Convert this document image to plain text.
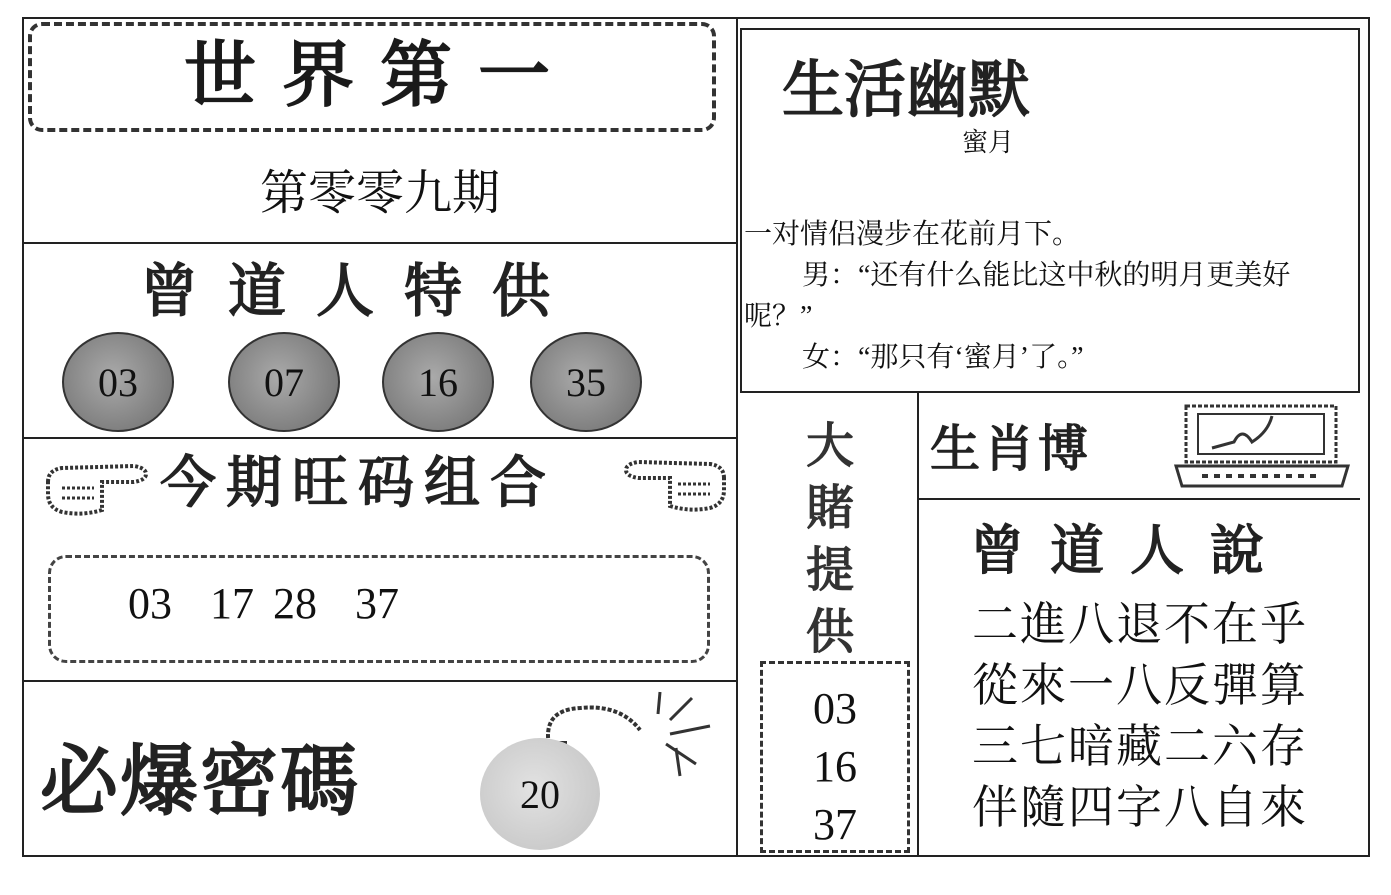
世界第一
第零零九期
曾道人特供
03	07	16	35
今期旺码组合
03  17 28  37
必爆密碼	20
生活幽默
蜜月
一对情侣漫步在花前月下。
男：“还有什么能比这中秋的明月更美好
呢？”
女：“那只有‘蜜月’了。”
大
賭
提
供
03
16
37
生肖博
曾道人說
二進八退不在乎
從來一八反彈算
三七暗藏二六存
伴隨四字八自來
